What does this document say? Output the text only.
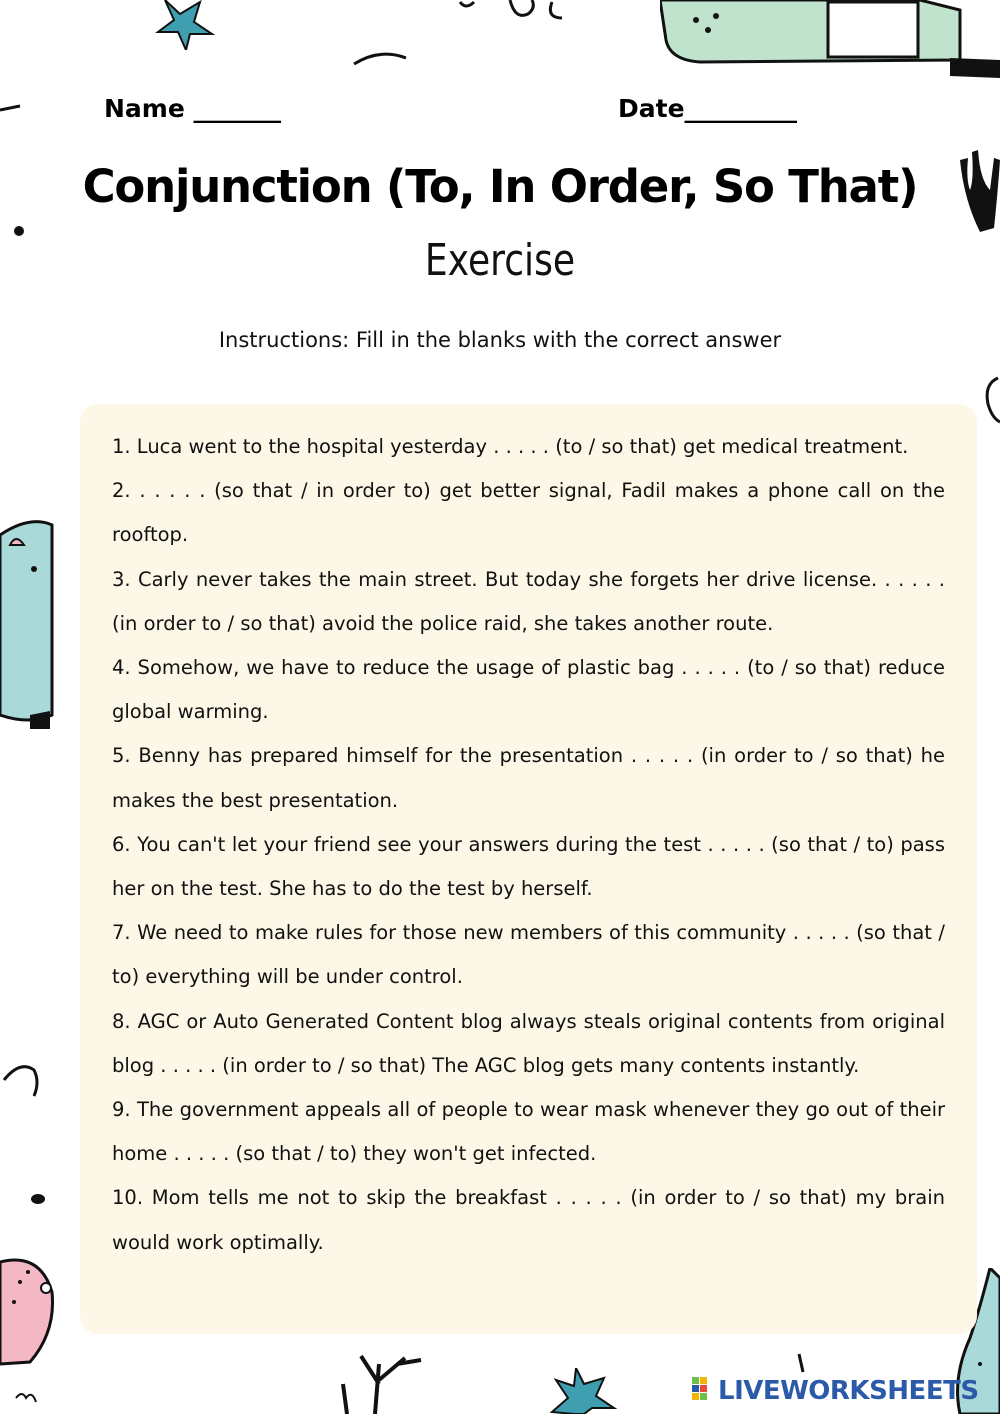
Name _______	Date_________
Conjunction (To, In Order, So That)
Exercise
Instructions: Fill in the blanks with the correct answer
1. Luca went to the hospital yesterday . . . . . (to / so that) get medical treatment.
2. . . . . . (so that / in order to) get better signal, Fadil makes a phone call on the rooftop.
3. Carly never takes the main street. But today she forgets her drive license. . . . . . (in order to / so that) avoid the police raid, she takes another route.
4. Somehow, we have to reduce the usage of plastic bag . . . . . (to / so that) reduce global warming.
5. Benny has prepared himself for the presentation . . . . . (in order to / so that) he makes the best presentation.
6. You can't let your friend see your answers during the test . . . . . (so that / to) pass her on the test. She has to do the test by herself.
7. We need to make rules for those new members of this community . . . . . (so that / to) everything will be under control.
8. AGC or Auto Generated Content blog always steals original contents from original blog . . . . . (in order to / so that) The AGC blog gets many contents instantly.
9. The government appeals all of people to wear mask whenever they go out of their home . . . . . (so that / to) they won't get infected.
10. Mom tells me not to skip the breakfast . . . . . (in order to / so that) my brain would work optimally.
LIVEWORKSHEETS
